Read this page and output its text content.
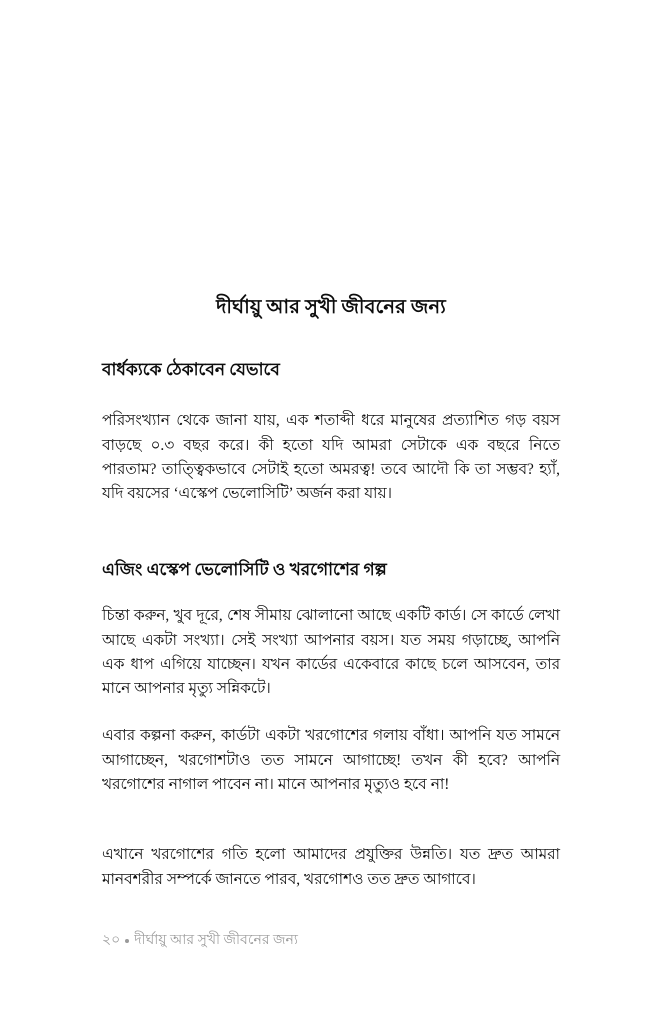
দীর্ঘায়ু আর সুখী জীবনের জন্য
বার্ধক্যকে ঠেকাবেন যেভাবে

পরিসংখ্যান থেকে জানা যায়, এক শতাব্দী ধরে মানুষের প্রত্যাশিত গড় বয়স বাড়ছে ০.৩ বছর করে। কী হতো যদি আমরা সেটাকে এক বছরে নিতে পারতাম? তাত্ত্বিকভাবে সেটাই হতো অমরত্ব! তবে আদৌ কি তা সম্ভব? হ্যাঁ, যদি বয়সের ‘এস্কেপ ভেলোসিটি’ অর্জন করা যায়।

এজিং এস্কেপ ভেলোসিটি ও খরগোশের গল্প

চিন্তা করুন, খুব দূরে, শেষ সীমায় ঝোলানো আছে একটি কার্ড। সে কার্ডে লেখা আছে একটা সংখ্যা। সেই সংখ্যা আপনার বয়স। যত সময় গড়াচ্ছে, আপনি এক ধাপ এগিয়ে যাচ্ছেন। যখন কার্ডের একেবারে কাছে চলে আসবেন, তার মানে আপনার মৃত্যু সন্নিকটে।

এবার কল্পনা করুন, কার্ডটা একটা খরগোশের গলায় বাঁধা। আপনি যত সামনে আগাচ্ছেন, খরগোশটাও তত সামনে আগাচ্ছে! তখন কী হবে? আপনি খরগোশের নাগাল পাবেন না। মানে আপনার মৃত্যুও হবে না!

এখানে খরগোশের গতি হলো আমাদের প্রযুক্তির উন্নতি। যত দ্রুত আমরা মানবশরীর সম্পর্কে জানতে পারব, খরগোশও তত দ্রুত আগাবে।

২০ দীর্ঘায়ু আর সুখী জীবনের জন্য
